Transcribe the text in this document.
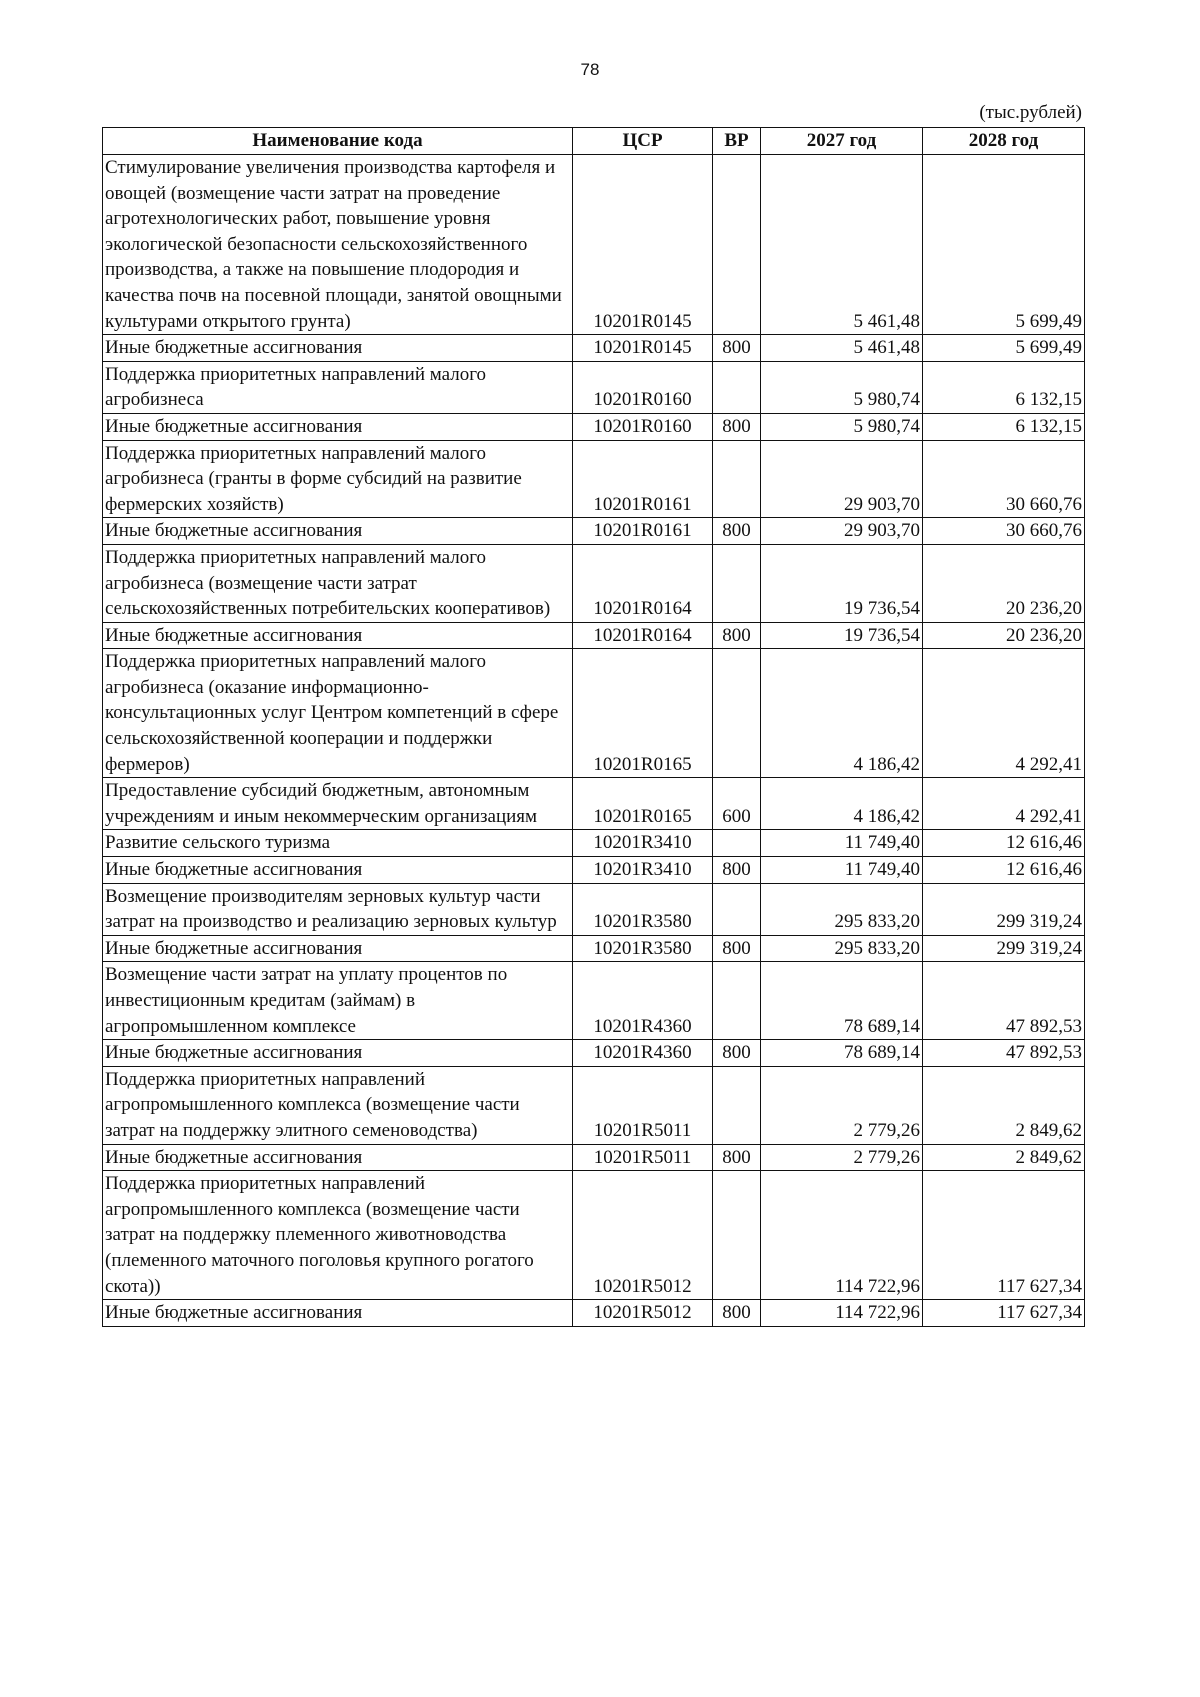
78
(тыс.рублей)
Наименование кода	ЦСР	ВР	2027 год	2028 год
Стимулирование увеличения производства картофеля и овощей (возмещение части затрат на проведение агротехнологических работ, повышение уровня экологической безопасности сельскохозяйственного производства, а также на повышение плодородия и качества почв на посевной площади, занятой овощными культурами открытого грунта)	10201R0145		5 461,48	5 699,49
Иные бюджетные ассигнования	10201R0145	800	5 461,48	5 699,49
Поддержка приоритетных направлений малого агробизнеса	10201R0160		5 980,74	6 132,15
Иные бюджетные ассигнования	10201R0160	800	5 980,74	6 132,15
Поддержка приоритетных направлений малого агробизнеса (гранты в форме субсидий на развитие фермерских хозяйств)	10201R0161		29 903,70	30 660,76
Иные бюджетные ассигнования	10201R0161	800	29 903,70	30 660,76
Поддержка приоритетных направлений малого агробизнеса (возмещение части затрат сельскохозяйственных потребительских кооперативов)	10201R0164		19 736,54	20 236,20
Иные бюджетные ассигнования	10201R0164	800	19 736,54	20 236,20
Поддержка приоритетных направлений малого агробизнеса (оказание информационно-консультационных услуг Центром компетенций в сфере сельскохозяйственной кооперации и поддержки фермеров)	10201R0165		4 186,42	4 292,41
Предоставление субсидий бюджетным, автономным учреждениям и иным некоммерческим организациям	10201R0165	600	4 186,42	4 292,41
Развитие сельского туризма	10201R3410		11 749,40	12 616,46
Иные бюджетные ассигнования	10201R3410	800	11 749,40	12 616,46
Возмещение производителям зерновых культур части затрат на производство и реализацию зерновых культур	10201R3580		295 833,20	299 319,24
Иные бюджетные ассигнования	10201R3580	800	295 833,20	299 319,24
Возмещение части затрат на уплату процентов по инвестиционным кредитам (займам) в агропромышленном комплексе	10201R4360		78 689,14	47 892,53
Иные бюджетные ассигнования	10201R4360	800	78 689,14	47 892,53
Поддержка приоритетных направлений агропромышленного комплекса (возмещение части затрат на поддержку элитного семеноводства)	10201R5011		2 779,26	2 849,62
Иные бюджетные ассигнования	10201R5011	800	2 779,26	2 849,62
Поддержка приоритетных направлений агропромышленного комплекса (возмещение части затрат на поддержку племенного животноводства (племенного маточного поголовья крупного рогатого скота))	10201R5012		114 722,96	117 627,34
Иные бюджетные ассигнования	10201R5012	800	114 722,96	117 627,34
